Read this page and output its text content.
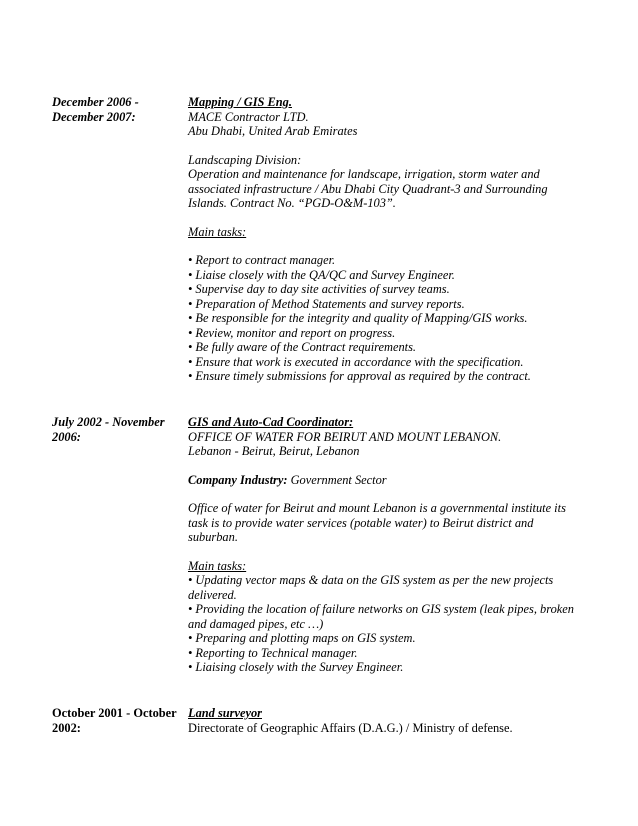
December 2006 -
December 2007:
Mapping / GIS Eng.
MACE Contractor LTD.
Abu Dhabi, United Arab Emirates
Landscaping Division:
Operation and maintenance for landscape, irrigation, storm water and
associated infrastructure / Abu Dhabi City Quadrant-3 and Surrounding
Islands. Contract No. “PGD-O&M-103”.
Main tasks:
• Report to contract manager.
• Liaise closely with the QA/QC and Survey Engineer.
• Supervise day to day site activities of survey teams.
• Preparation of Method Statements and survey reports.
• Be responsible for the integrity and quality of Mapping/GIS works.
• Review, monitor and report on progress.
• Be fully aware of the Contract requirements.
• Ensure that work is executed in accordance with the specification.
• Ensure timely submissions for approval as required by the contract.
July 2002 - November
2006:
GIS and Auto-Cad Coordinator:
OFFICE OF WATER FOR BEIRUT AND MOUNT LEBANON.
Lebanon - Beirut, Beirut, Lebanon
Company Industry: Government Sector
Office of water for Beirut and mount Lebanon is a governmental institute its
task is to provide water services (potable water) to Beirut district and
suburban.
Main tasks:
• Updating vector maps & data on the GIS system as per the new projects
delivered.
• Providing the location of failure networks on GIS system (leak pipes, broken
and damaged pipes, etc …)
• Preparing and plotting maps on GIS system.
• Reporting to Technical manager.
• Liaising closely with the Survey Engineer.
October 2001 - October
2002:
Land surveyor
Directorate of Geographic Affairs (D.A.G.) / Ministry of defense.
